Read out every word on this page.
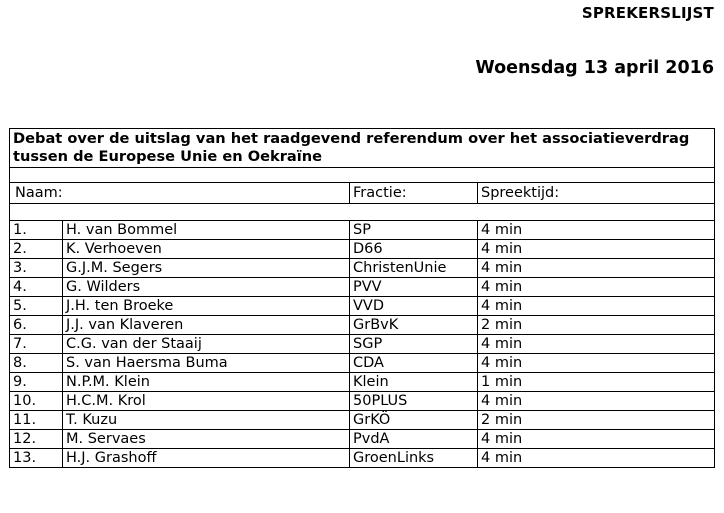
SPREKERSLIJST
Woensdag 13 april 2016
Debat over de uitslag van het raadgevend referendum over het associatieverdrag tussen de Europese Unie en Oekraïne			

Naam:		Fractie:	Spreektijd:

1.	H. van Bommel	SP	4 min
2.	K. Verhoeven	D66	4 min
3.	G.J.M. Segers	ChristenUnie	4 min
4.	G. Wilders	PVV	4 min
5.	J.H. ten Broeke	VVD	4 min
6.	J.J. van Klaveren	GrBvK	2 min
7.	C.G. van der Staaij	SGP	4 min
8.	S. van Haersma Buma	CDA	4 min
9.	N.P.M. Klein	Klein	1 min
10.	H.C.M. Krol	50PLUS	4 min
11.	T. Kuzu	GrKÖ	2 min
12.	M. Servaes	PvdA	4 min
13.	H.J. Grashoff	GroenLinks	4 min
